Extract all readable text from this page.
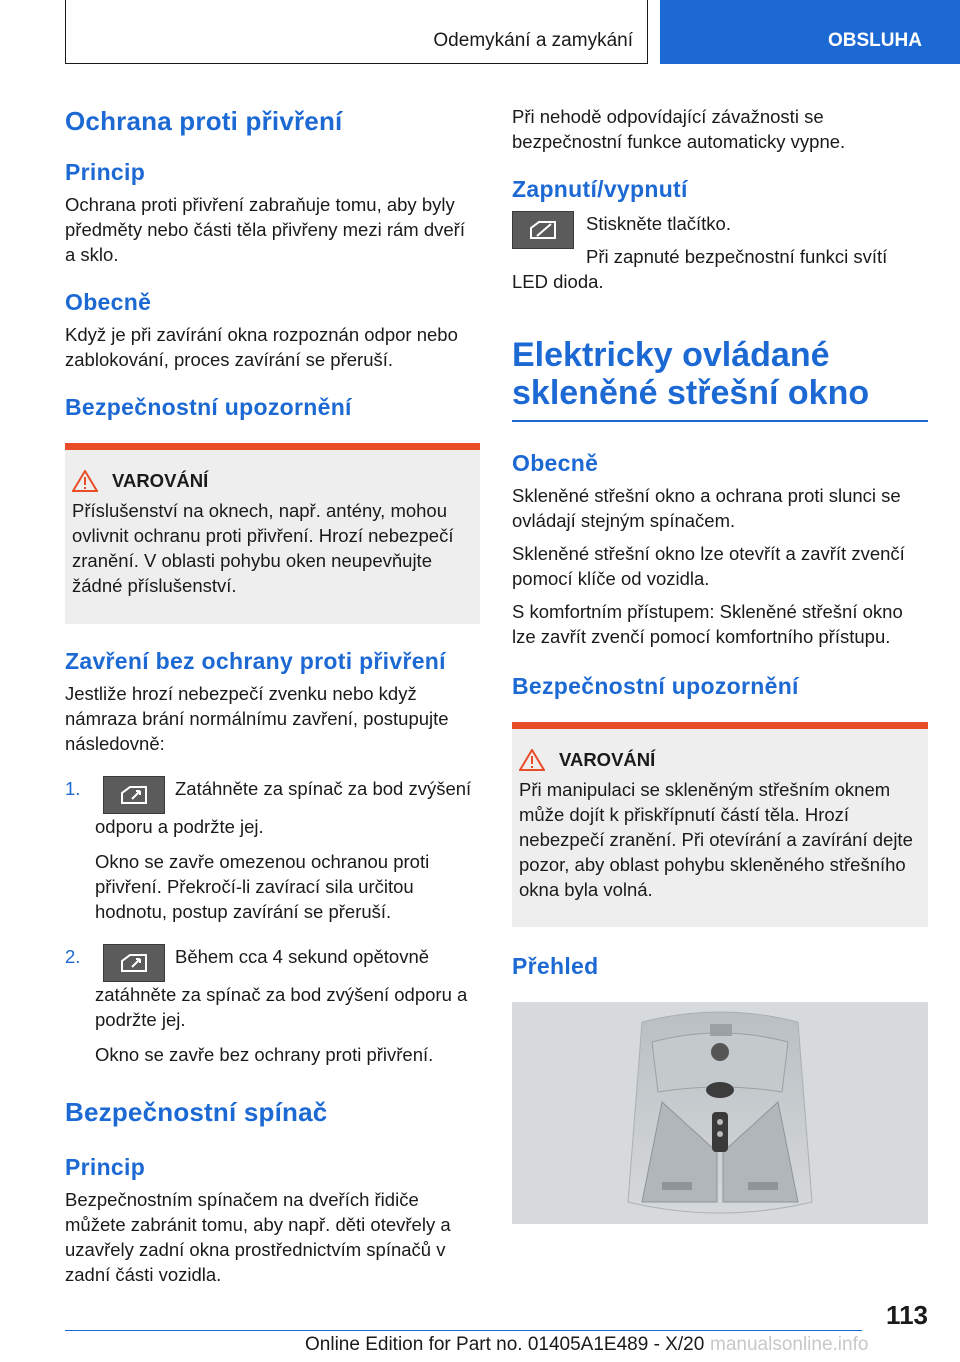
Odemykání a zamykání	OBSLUHA
Ochrana proti přivření
Princip

Ochrana proti přivření zabraňuje tomu, aby byly předměty nebo části těla přivřeny mezi rám dveří a sklo.

Obecně

Když je při zavírání okna rozpoznán odpor nebo zablokování, proces zavírání se přeruší.

Bezpečnostní upozornění
VAROVÁNÍ

Příslušenství na oknech, např. antény, mohou ovlivnit ochranu proti přivření. Hrozí nebezpečí zranění. V oblasti pohybu oken neupevňujte žádné příslušenství.

Zavření bez ochrany proti přivření

Jestliže hrozí nebezpečí zvenku nebo když námraza brání normálnímu zavření, postupujte následovně:

1.	Zatáhněte za spínač za bod zvýšení odporu a podržte jej.

Okno se zavře omezenou ochranou proti přivření. Překročí-li zavírací sila určitou hodnotu, postup zavírání se přeruší.

2.	Během cca 4 sekund opětovně zatáhněte za spínač za bod zvýšení odporu a podržte jej.

Okno se zavře bez ochrany proti přivření.

Bezpečnostní spínač
Princip

Bezpečnostním spínačem na dveřích řidiče můžete zabránit tomu, aby např. děti otevřely a uzavřely zadní okna prostřednictvím spínačů v zadní části vozidla.

Při nehodě odpovídající závažnosti se bezpečnostní funkce automaticky vypne.

Zapnutí/vypnutí

Stiskněte tlačítko.

Při zapnuté bezpečnostní funkci svítí LED dioda.

Elektricky ovládané skleněné střešní okno
Obecně

Skleněné střešní okno a ochrana proti slunci se ovládají stejným spínačem.

Skleněné střešní okno lze otevřít a zavřít zvenčí pomocí klíče od vozidla.

S komfortním přístupem: Skleněné střešní okno lze zavřít zvenčí pomocí komfortního přístupu.

Bezpečnostní upozornění
VAROVÁNÍ

Při manipulaci se skleněným střešním oknem může dojít k přiskřípnutí částí těla. Hrozí nebezpečí zranění. Při otevírání a zavírání dejte pozor, aby oblast pohybu skleněného střešního okna byla volná.

Přehled
113
Online Edition for Part no. 01405A1E489 - X/20 manualsonline.info
